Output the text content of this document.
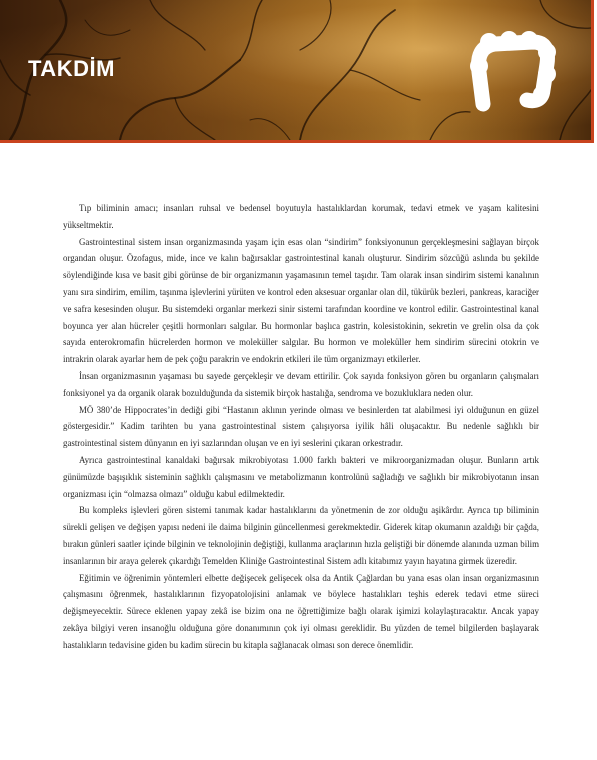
TAKDİM

Tıp biliminin amacı; insanları ruhsal ve bedensel boyutuyla hastalıklardan korumak, tedavi etmek ve yaşam kalitesini yükseltmektir.

Gastrointestinal sistem insan organizmasında yaşam için esas olan “sindirim” fonksiyonunun gerçekleşmesini sağlayan birçok organdan oluşur. Özofagus, mide, ince ve kalın bağırsaklar gastrointestinal kanalı oluşturur. Sindirim sözcüğü aslında bu şekilde söylendiğinde kısa ve basit gibi görünse de bir organizmanın yaşamasının temel taşıdır. Tam olarak insan sindirim sistemi kanalının yanı sıra sindirim, emilim, taşınma işlevlerini yürüten ve kontrol eden aksesuar organlar olan dil, tükürük bezleri, pankreas, karaciğer ve safra kesesinden oluşur. Bu sistemdeki organlar merkezi sinir sistemi tarafından koordine ve kontrol edilir. Gastrointestinal kanal boyunca yer alan hücreler çeşitli hormonları salgılar. Bu hormonlar başlıca gastrin, kolesistokinin, sekretin ve grelin olsa da çok sayıda enterokromafin hücrelerden hormon ve moleküller salgılar. Bu hormon ve moleküller hem sindirim sürecini otokrin ve intrakrin olarak ayarlar hem de pek çoğu parakrin ve endokrin etkileri ile tüm organizmayı etkilerler.

İnsan organizmasının yaşaması bu sayede gerçekleşir ve devam ettirilir. Çok sayıda fonksiyon gören bu organların çalışmaları fonksiyonel ya da organik olarak bozulduğunda da sistemik birçok hastalığa, sendroma ve bozukluklara neden olur.

MÖ 380’de Hippocrates’in dediği gibi “Hastanın aklının yerinde olması ve besinlerden tat alabilmesi iyi olduğunun en güzel göstergesidir.” Kadim tarihten bu yana gastrointestinal sistem çalışıyorsa iyilik hâli oluşacaktır. Bu nedenle sağlıklı bir gastrointestinal sistem dünyanın en iyi sazlarından oluşan ve en iyi seslerini çıkaran orkestradır.

Ayrıca gastrointestinal kanaldaki bağırsak mikrobiyotası 1.000 farklı bakteri ve mikroorganizmadan oluşur. Bunların artık günümüzde başışıklık sisteminin sağlıklı çalışmasını ve metabolizmanın kontrolünü sağladığı ve sağlıklı bir mikrobiyotanın insan organizması için “olmazsa olmazı” olduğu kabul edilmektedir.

Bu kompleks işlevleri gören sistemi tanımak kadar hastalıklarını da yönetmenin de zor olduğu aşikârdır. Ayrıca tıp biliminin sürekli gelişen ve değişen yapısı nedeni ile daima bilginin güncellenmesi gerekmektedir. Giderek kitap okumanın azaldığı bir çağda, bırakın günleri saatler içinde bilginin ve teknolojinin değiştiği, kullanma araçlarının hızla geliştiği bir dönemde alanında uzman bilim insanlarının bir araya gelerek çıkardığı Temelden Kliniğe Gastrointestinal Sistem adlı kitabımız yayın hayatına girmek üzeredir.

Eğitimin ve öğrenimin yöntemleri elbette değişecek gelişecek olsa da Antik Çağlardan bu yana esas olan insan organizmasının çalışmasını öğrenmek, hastalıklarının fizyopatolojisini anlamak ve böylece hastalıkları teşhis ederek tedavi etme süreci değişmeyecektir. Sürece eklenen yapay zekâ ise bizim ona ne öğrettiğimize bağlı olarak işimizi kolaylaştıracaktır. Ancak yapay zekâya bilgiyi veren insanoğlu olduğuna göre donanımının çok iyi olması gereklidir. Bu yüzden de temel bilgilerden başlayarak hastalıkların tedavisine giden bu kadim sürecin bu kitapla sağlanacak olması son derece önemlidir.
